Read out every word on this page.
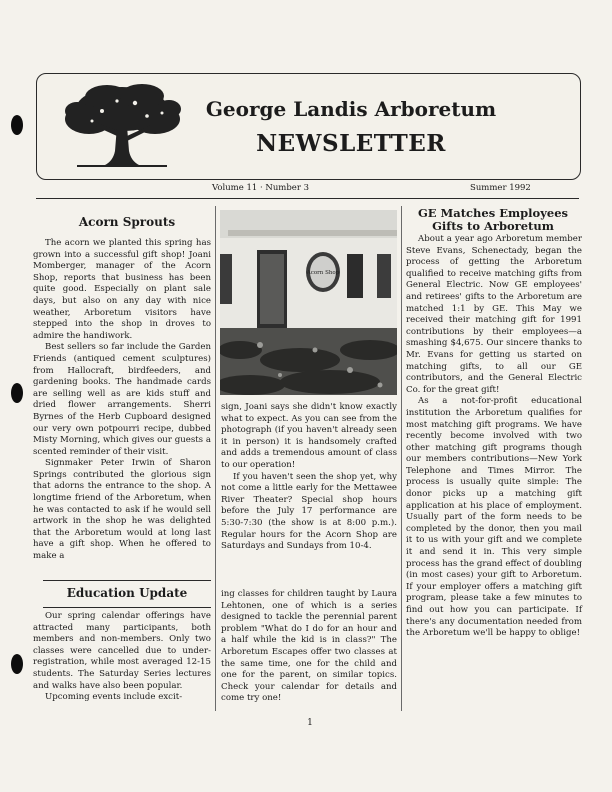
George Landis Arboretum
NEWSLETTER
Volume 11 · Number 3	Summer 1992
Acorn Sprouts

The acorn we planted this spring has grown into a successful gift shop! Joani Momberger, manager of the Acorn Shop, reports that business has been quite good. Especially on plant sale days, but also on any day with nice weather, Arboretum visitors have stepped into the shop in droves to admire the handiwork.

Best sellers so far include the Garden Friends (antiqued cement sculptures) from Hallocraft, birdfeeders, and gardening books. The handmade cards are selling well as are kids stuff and dried flower arrangements. Sherri Byrnes of the Herb Cupboard designed our very own potpourri recipe, dubbed Misty Morning, which gives our guests a scented reminder of their visit.

Signmaker Peter Irwin of Sharon Springs contributed the glorious sign that adorns the entrance to the shop. A longtime friend of the Arboretum, when he was contacted to ask if he would sell artwork in the shop he was delighted that the Arboretum would at long last have a gift shop. When he offered to make a

Education Update

Our spring calendar offerings have attracted many participants, both members and non-members. Only two classes were cancelled due to under-registration, while most averaged 12-15 students. The Saturday Series lectures and walks have also been popular.

Upcoming events include excit-

Acorn Shop

sign, Joani says she didn't know exactly what to expect. As you can see from the photograph (if you haven't already seen it in person) it is handsomely crafted and adds a tremendous amount of class to our operation!

If you haven't seen the shop yet, why not come a little early for the Mettawee River Theater? Special shop hours before the July 17 performance are 5:30-7:30 (the show is at 8:00 p.m.). Regular hours for the Acorn Shop are Saturdays and Sundays from 10-4.

ing classes for children taught by Laura Lehtonen, one of which is a series designed to tackle the perennial parent problem "What do I do for an hour and a half while the kid is in class?" The Arboretum Escapes offer two classes at the same time, one for the child and one for the parent, on similar topics. Check your calendar for details and come try one!

GE Matches Employees
Gifts to Arboretum

About a year ago Arboretum member Steve Evans, Schenectady, began the process of getting the Arboretum qualified to receive matching gifts from General Electric. Now GE employees' and retirees' gifts to the Arboretum are matched 1:1 by GE. This May we received their matching gift for 1991 contributions by their employees—a smashing $4,675. Our sincere thanks to Mr. Evans for getting us started on matching gifts, to all our GE contributors, and the General Electric Co. for the great gift!

As a not-for-profit educational institution the Arboretum qualifies for most matching gift programs. We have recently become involved with two other matching gift programs though our members contributions—New York Telephone and Times Mirror. The process is usually quite simple: The donor picks up a matching gift application at his place of employment. Usually part of the form needs to be completed by the donor, then you mail it to us with your gift and we complete it and send it in. This very simple process has the grand effect of doubling (in most cases) your gift to Arboretum. If your employer offers a matching gift program, please take a few minutes to find out how you can participate. If there's any documentation needed from the Arboretum we'll be happy to oblige!

1
